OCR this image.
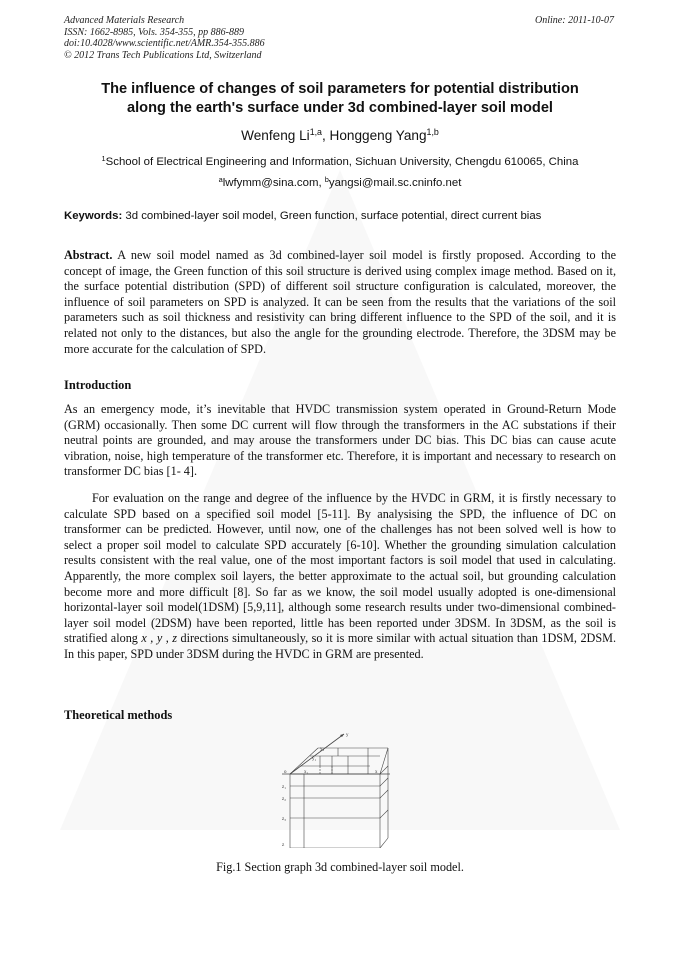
Advanced Materials Research
ISSN: 1662-8985, Vols. 354-355, pp 886-889
doi:10.4028/www.scientific.net/AMR.354-355.886
© 2012 Trans Tech Publications Ltd, Switzerland
Online: 2011-10-07
The influence of changes of soil parameters for potential distribution
along the earth's surface under 3d combined-layer soil model
Wenfeng Li$^{1,a}$, Honggeng Yang$^{1,b}$
$^1$School of Electrical Engineering and Information, Sichuan University, Chengdu 610065, China
$^a$lwfymm@sina.com, $^b$yangsi@mail.sc.cninfo.net
Keywords: 3d combined-layer soil model, Green function, surface potential, direct current bias

Abstract. A new soil model named as 3d combined-layer soil model is firstly proposed. According to the concept of image, the Green function of this soil structure is derived using complex image method. Based on it, the surface potential distribution (SPD) of different soil structure configuration is calculated, moreover, the influence of soil parameters on SPD is analyzed. It can be seen from the results that the variations of the soil parameters such as soil thickness and resistivity can bring different influence to the SPD of the soil, and it is related not only to the distances, but also the angle for the grounding electrode. Therefore, the 3DSM may be more accurate for the calculation of SPD.

Introduction

As an emergency mode, it’s inevitable that HVDC transmission system operated in Ground-Return Mode (GRM) occasionally. Then some DC current will flow through the transformers in the AC substations if their neutral points are grounded, and may arouse the transformers under DC bias. This DC bias can cause acute vibration, noise, high temperature of the transformer etc. Therefore, it is important and necessary to research on transformer DC bias [1- 4].

For evaluation on the range and degree of the influence by the HVDC in GRM, it is firstly necessary to calculate SPD based on a specified soil model [5-11]. By analysising the SPD, the influence of DC on transformer can be predicted. However, until now, one of the challenges has not been solved well is how to select a proper soil model to calculate SPD accurately [6-10]. Whether the grounding simulation calculation results consistent with the real value, one of the most important factors is soil model that used in calculating. Apparently, the more complex soil layers, the better approximate to the actual soil, but grounding calculation become more and more difficult [8]. So far as we know, the soil model usually adopted is one-dimensional horizontal-layer soil model(1DSM) [5,9,11], although some research results under two-dimensional combined-layer soil model (2DSM) have been reported, little has been reported under 3DSM. In 3DSM, as the soil is stratified along x , y , z directions simultaneously, so it is more similar with actual situation than 1DSM, 2DSM. In this paper, SPD under 3DSM during the HVDC in GRM are presented.

Theoretical methods
y
o	x₁	x
y₁
y₂
z₁
z₂
z₃
z
Fig.1 Section graph 3d combined-layer soil model.
